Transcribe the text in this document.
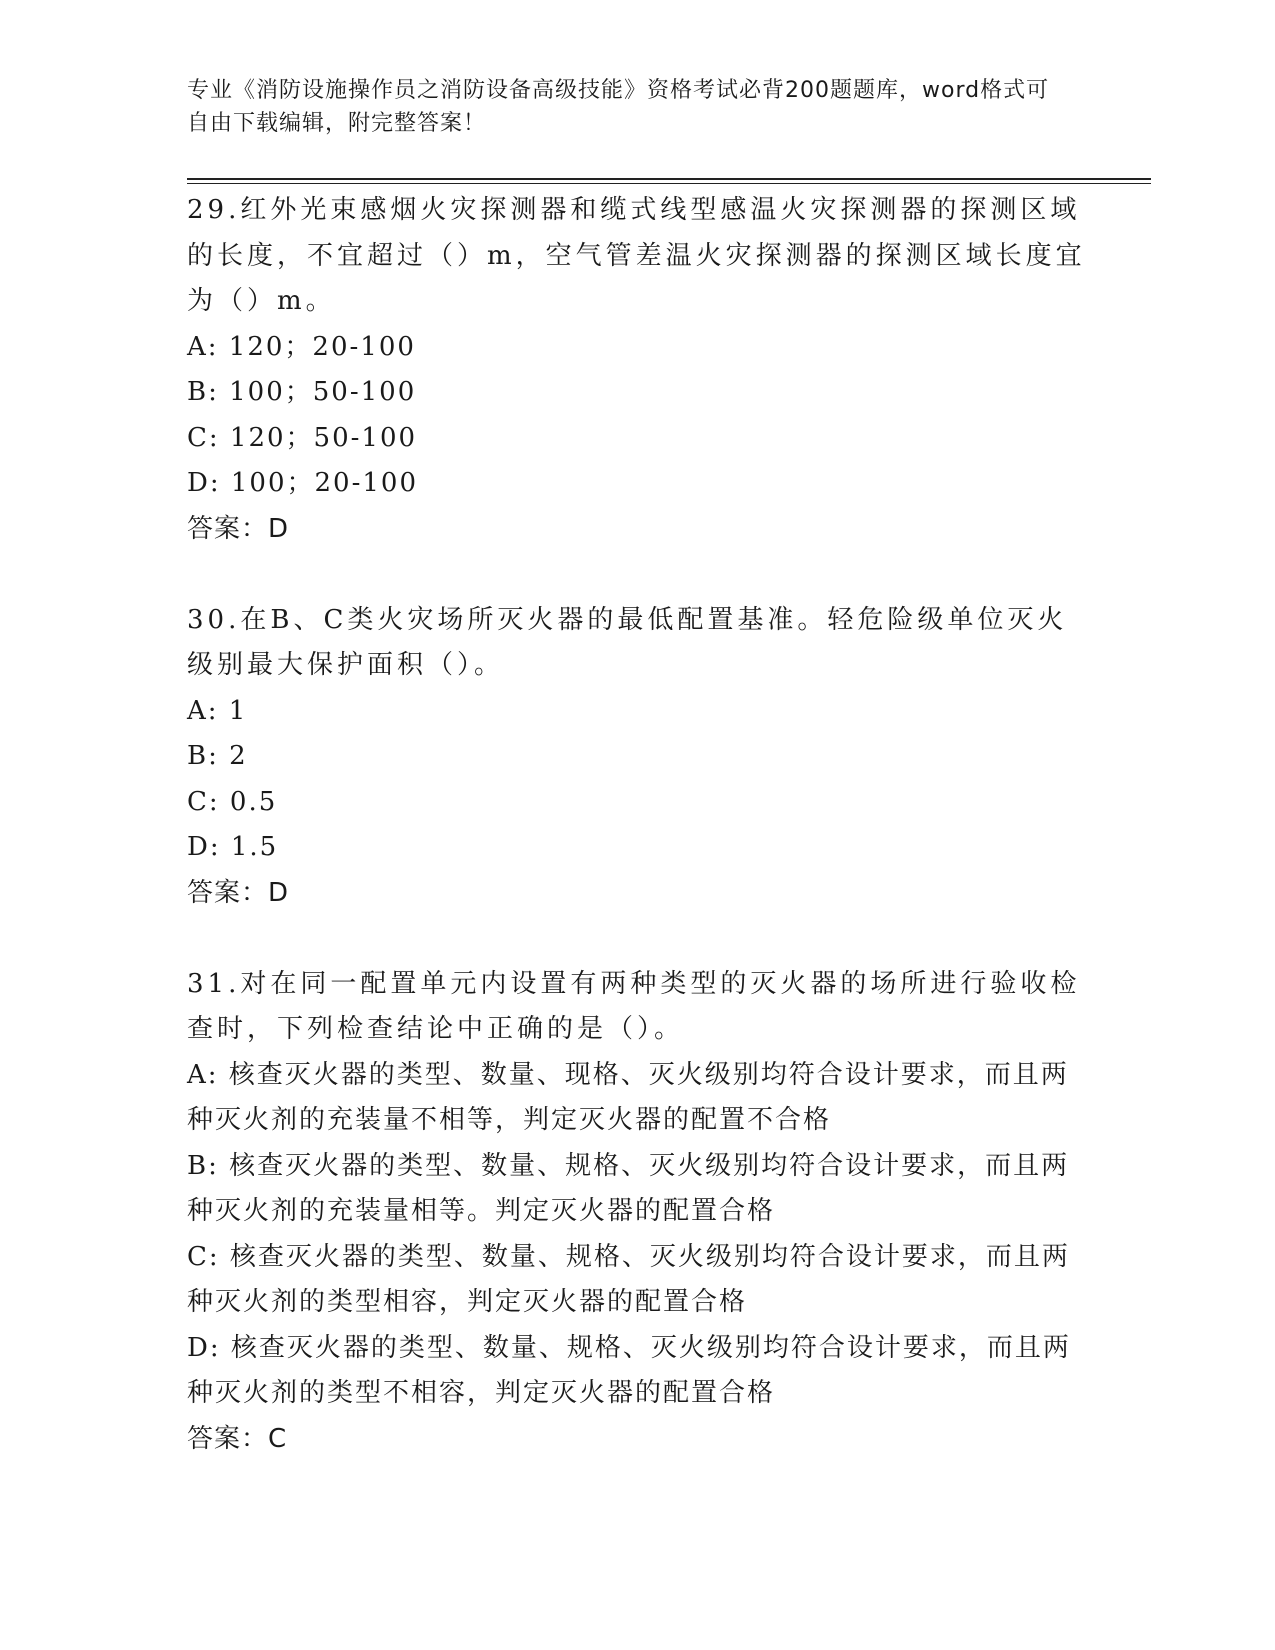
专业《消防设施操作员之消防设备高级技能》资格考试必背200题题库，word格式可自由下载编辑，附完整答案！

29.红外光束感烟火灾探测器和缆式线型感温火灾探测器的探测区域的长度，不宜超过（）m，空气管差温火灾探测器的探测区域长度宜为（）m。

A: 120；20-100

B: 100；50-100

C: 120；50-100

D: 100；20-100

答案：D

30.在B、C类火灾场所灭火器的最低配置基准。轻危险级单位灭火级别最大保护面积（）。

A: 1

B: 2

C: 0.5

D: 1.5

答案：D

31.对在同一配置单元内设置有两种类型的灭火器的场所进行验收检查时，下列检查结论中正确的是（）。

A: 核查灭火器的类型、数量、现格、灭火级别均符合设计要求，而且两种灭火剂的充装量不相等，判定灭火器的配置不合格

B: 核查灭火器的类型、数量、规格、灭火级别均符合设计要求，而且两种灭火剂的充装量相等。判定灭火器的配置合格

C: 核查灭火器的类型、数量、规格、灭火级别均符合设计要求，而且两种灭火剂的类型相容，判定灭火器的配置合格

D: 核查灭火器的类型、数量、规格、灭火级别均符合设计要求，而且两种灭火剂的类型不相容，判定灭火器的配置合格

答案：C
